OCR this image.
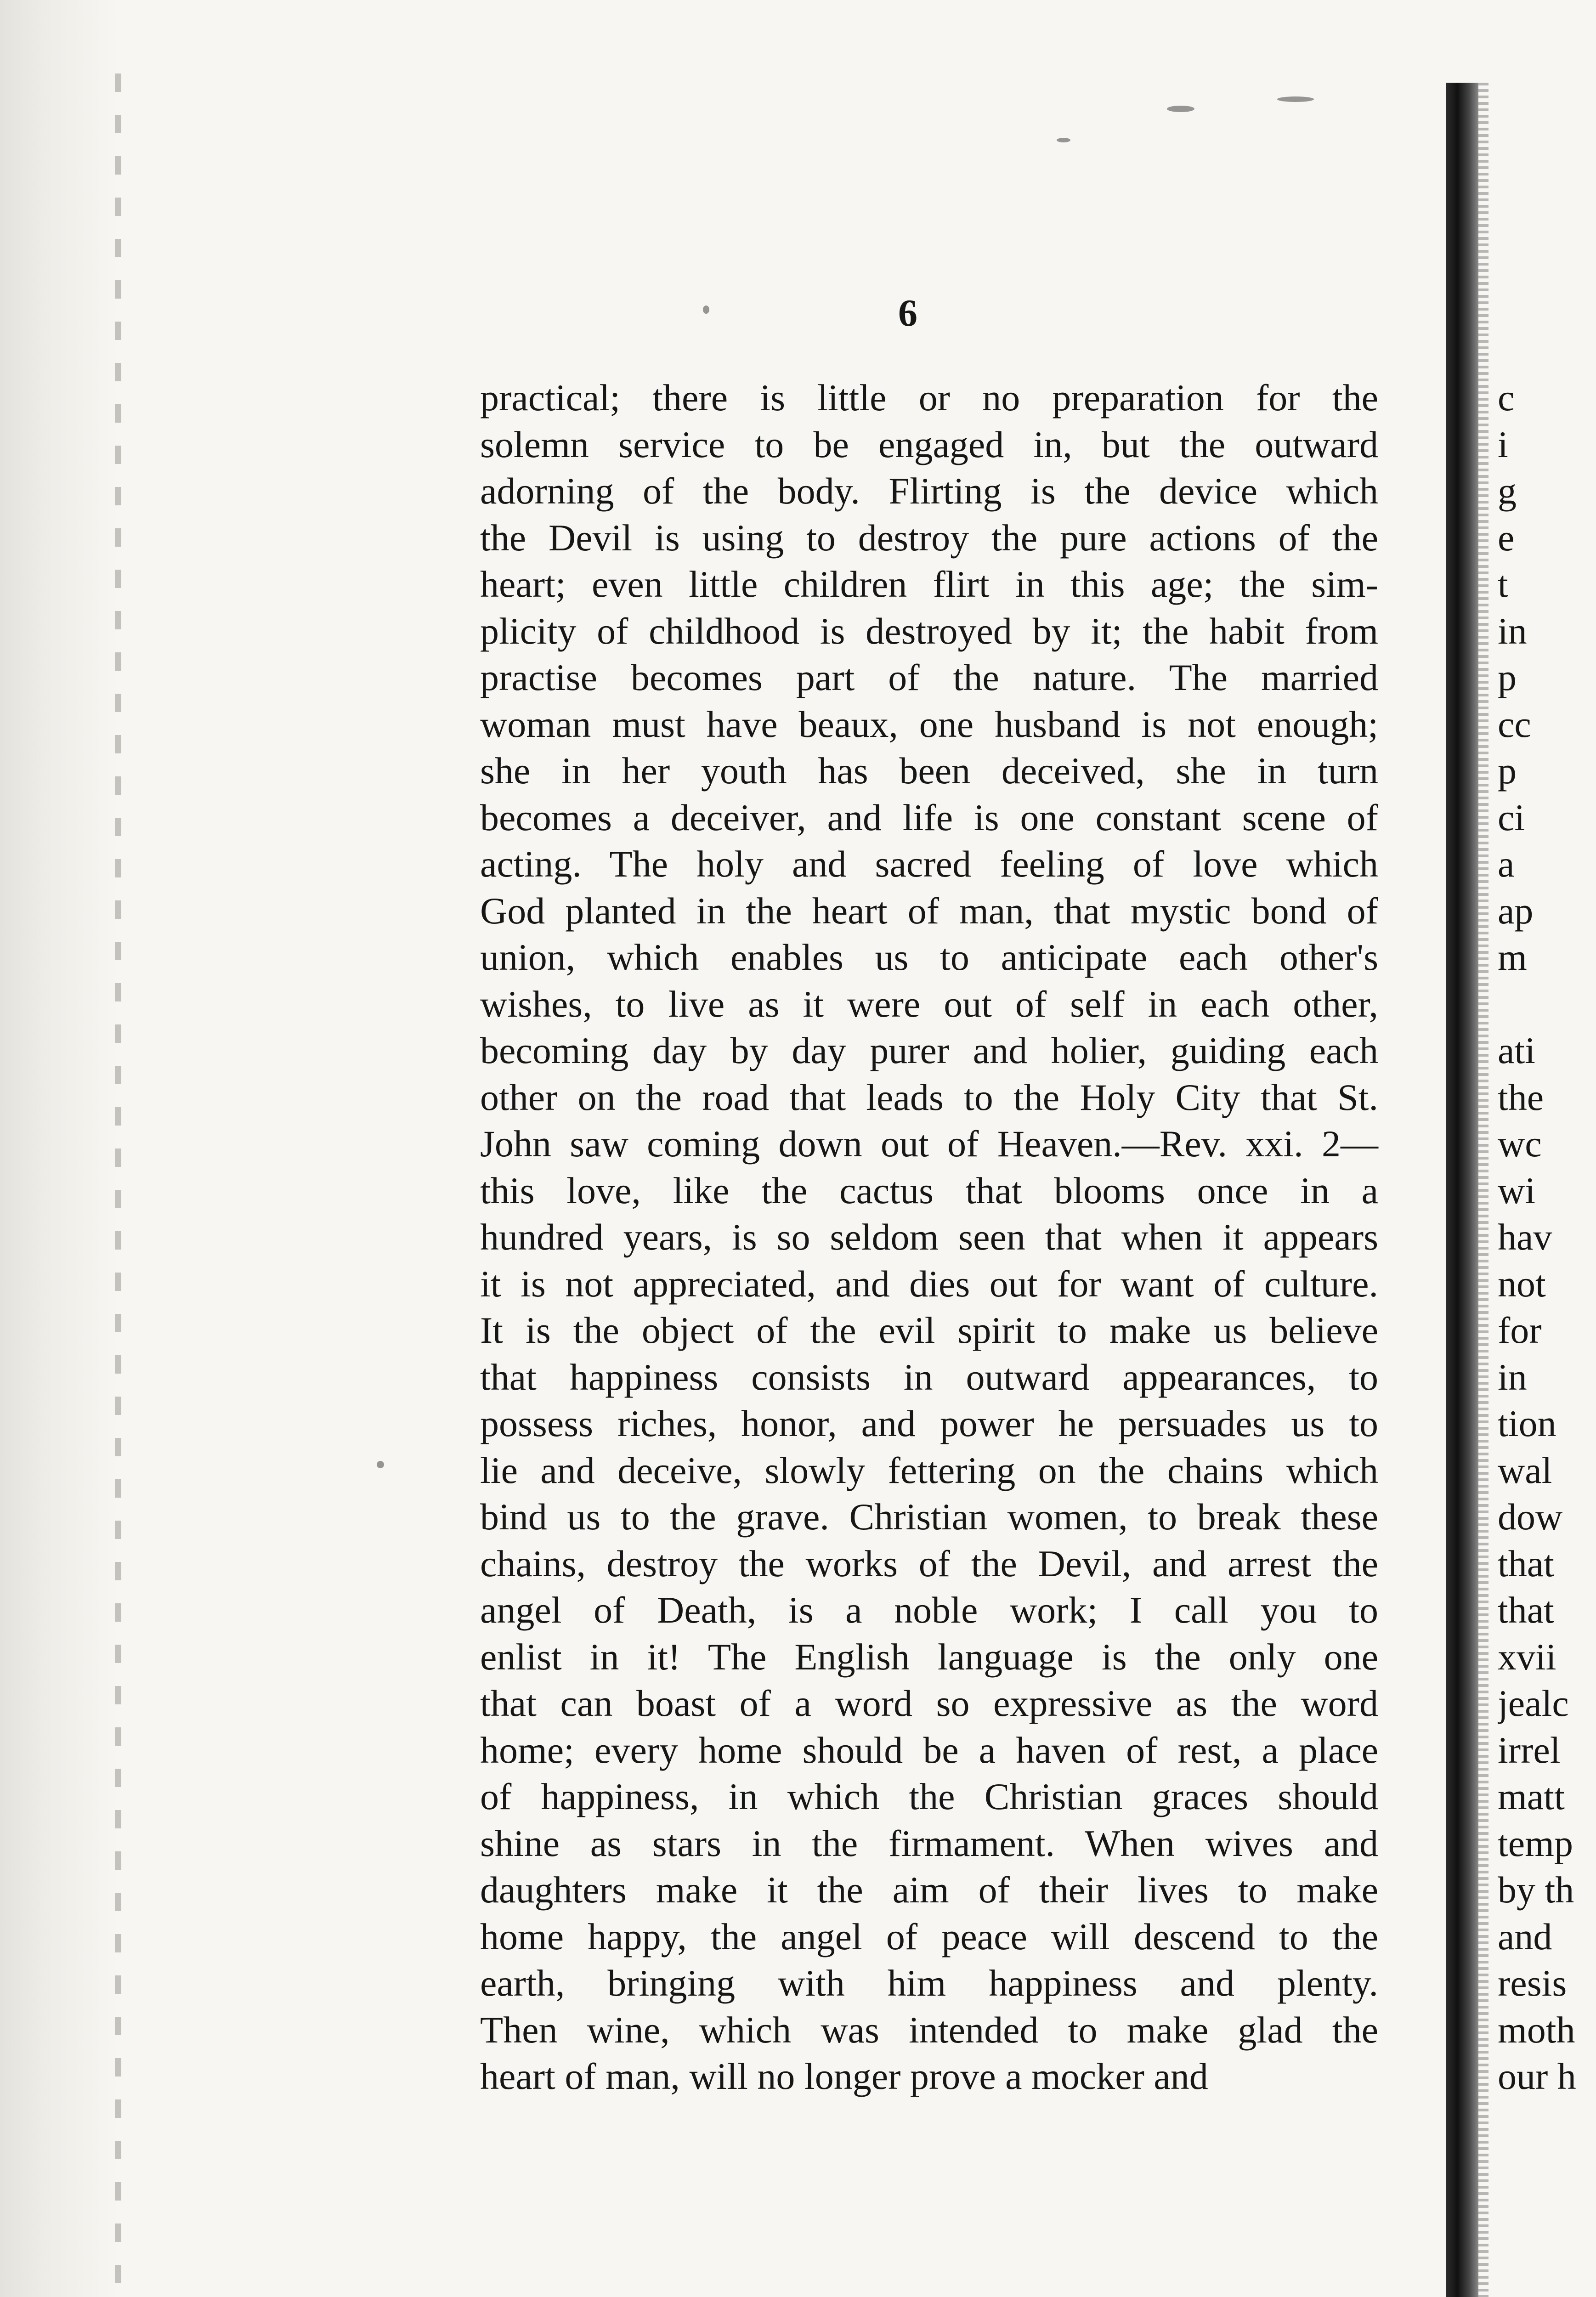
6
practical; there is little or no preparation for the
solemn service to be engaged in, but the outward
adorning of the body. Flirting is the device which
the Devil is using to destroy the pure actions of the
heart; even little children flirt in this age; the sim-
plicity of childhood is destroyed by it; the habit from
practise becomes part of the nature. The married
woman must have beaux, one husband is not enough;
she in her youth has been deceived, she in turn
becomes a deceiver, and life is one constant scene of
acting. The holy and sacred feeling of love which
God planted in the heart of man, that mystic bond of
union, which enables us to anticipate each other's
wishes, to live as it were out of self in each other,
becoming day by day purer and holier, guiding each
other on the road that leads to the Holy City that St.
John saw coming down out of Heaven.—Rev. xxi. 2—
this love, like the cactus that blooms once in a
hundred years, is so seldom seen that when it appears
it is not appreciated, and dies out for want of culture.
It is the object of the evil spirit to make us believe
that happiness consists in outward appearances, to
possess riches, honor, and power he persuades us to
lie and deceive, slowly fettering on the chains which
bind us to the grave. Christian women, to break these
chains, destroy the works of the Devil, and arrest the
angel of Death, is a noble work; I call you to
enlist in it! The English language is the only one
that can boast of a word so expressive as the word
home; every home should be a haven of rest, a place
of happiness, in which the Christian graces should
shine as stars in the firmament. When wives and
daughters make it the aim of their lives to make
home happy, the angel of peace will descend to the
earth, bringing with him happiness and plenty.
Then wine, which was intended to make glad the
heart of man, will no longer prove a mocker and
c
i
g
e
t
in
p
cc
p
ci
a
ap
m
ati
the
wc
wi
hav
not
for
in
tion
wal
dow
that
that
xvii
jealc
irrel
matt
temp
by th
and
resis
moth
our h
